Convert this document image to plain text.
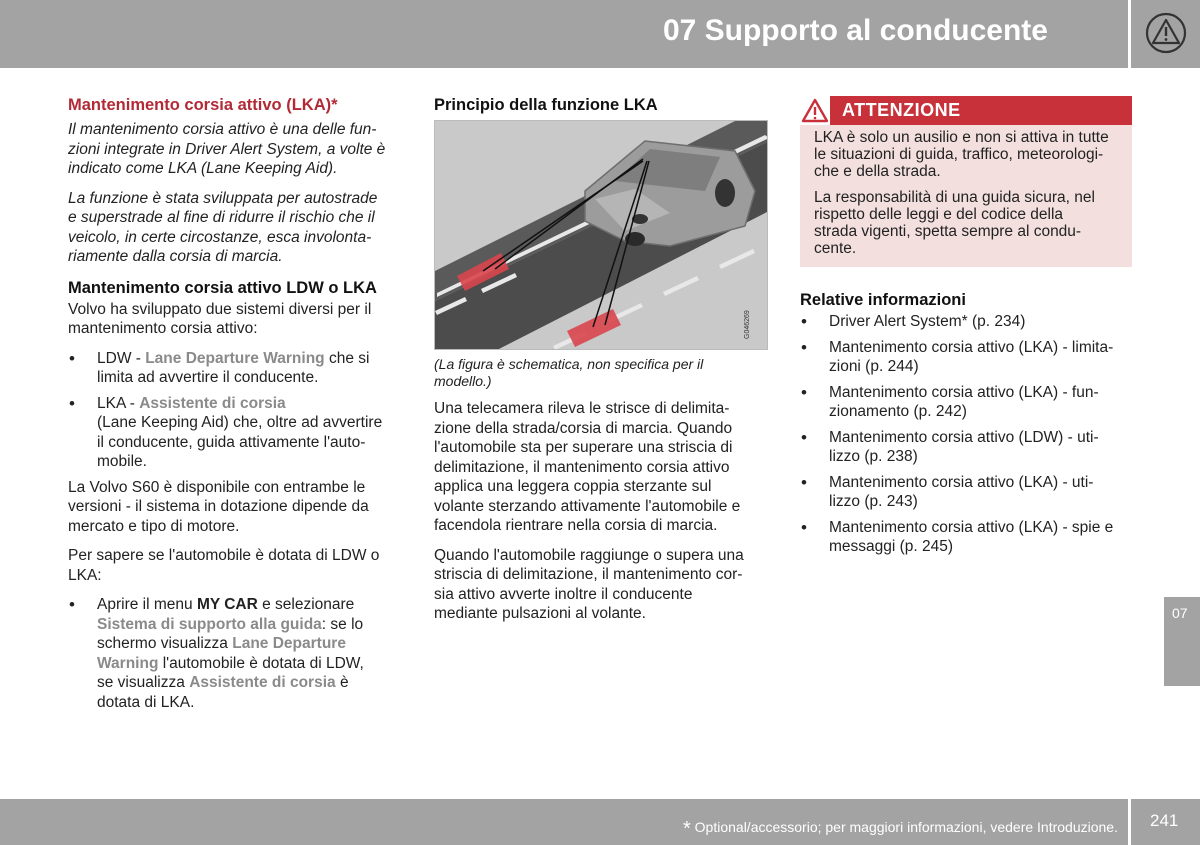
07 Supporto al conducente
Mantenimento corsia attivo (LKA)*

Il mantenimento corsia attivo è una delle fun-
zioni integrate in Driver Alert System, a volte è
indicato come LKA (Lane Keeping Aid).

La funzione è stata sviluppata per autostrade
e superstrade al fine di ridurre il rischio che il
veicolo, in certe circostanze, esca involonta-
riamente dalla corsia di marcia.

Mantenimento corsia attivo LDW o LKA

Volvo ha sviluppato due sistemi diversi per il
mantenimento corsia attivo:

• LDW - Lane Departure Warning che si
limita ad avvertire il conducente.
• LKA - Assistente di corsia
(Lane Keeping Aid) che, oltre ad avvertire
il conducente, guida attivamente l'auto-
mobile.

La Volvo S60 è disponibile con entrambe le
versioni - il sistema in dotazione dipende da
mercato e tipo di motore.

Per sapere se l'automobile è dotata di LDW o
LKA:

• Aprire il menu MY CAR e selezionare
Sistema di supporto alla guida: se lo
schermo visualizza Lane Departure
Warning l'automobile è dotata di LDW,
se visualizza Assistente di corsia è
dotata di LKA.
Principio della funzione LKA
G046269

(La figura è schematica, non specifica per il
modello.)

Una telecamera rileva le strisce di delimita-
zione della strada/corsia di marcia. Quando
l'automobile sta per superare una striscia di
delimitazione, il mantenimento corsia attivo
applica una leggera coppia sterzante sul
volante sterzando attivamente l'automobile e
facendola rientrare nella corsia di marcia.

Quando l'automobile raggiunge o supera una
striscia di delimitazione, il mantenimento cor-
sia attivo avverte inoltre il conducente
mediante pulsazioni al volante.

ATTENZIONE

LKA è solo un ausilio e non si attiva in tutte
le situazioni di guida, traffico, meteorologi-
che e della strada.

La responsabilità di una guida sicura, nel
rispetto delle leggi e del codice della
strada vigenti, spetta sempre al condu-
cente.

Relative informazioni
• Driver Alert System* (p. 234)
• Mantenimento corsia attivo (LKA) - limita-
zioni (p. 244)
• Mantenimento corsia attivo (LKA) - fun-
zionamento (p. 242)
• Mantenimento corsia attivo (LDW) - uti-
lizzo (p. 238)
• Mantenimento corsia attivo (LKA) - uti-
lizzo (p. 243)
• Mantenimento corsia attivo (LKA) - spie e
messaggi (p. 245)
07
* Optional/accessorio; per maggiori informazioni, vedere Introduzione. 241
